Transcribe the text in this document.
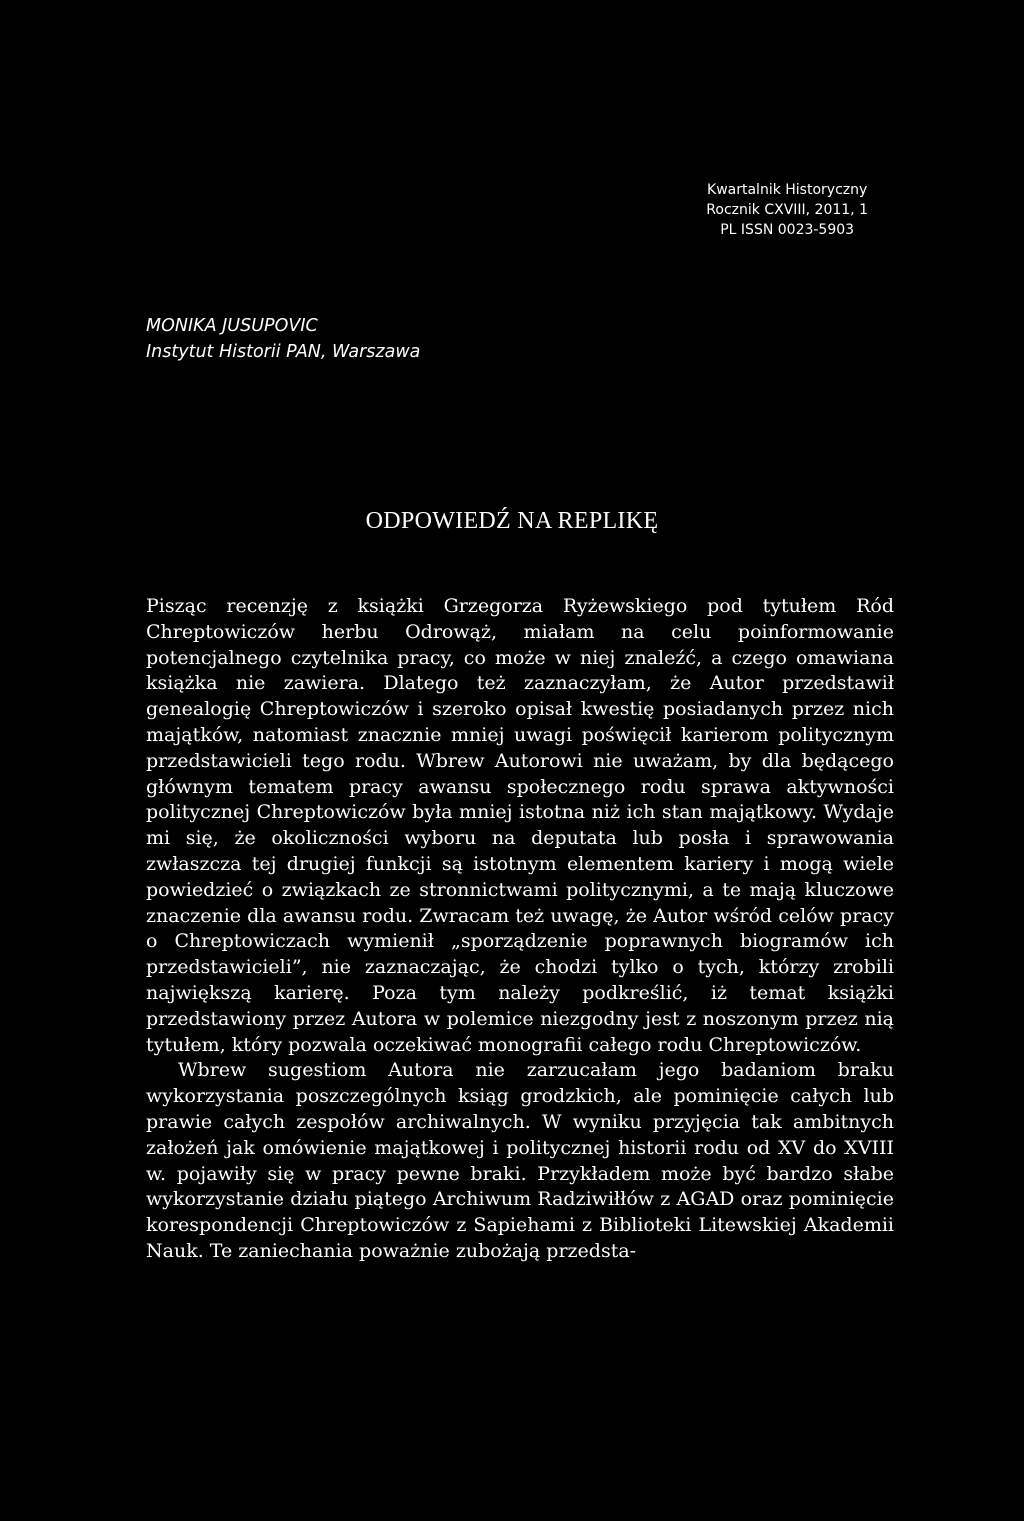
Kwartalnik Historyczny
Rocznik CXVIII, 2011, 1
PL ISSN 0023-5903
MONIKA JUSUPOVIC
Instytut Historii PAN, Warszawa
ODPOWIEDŹ NA REPLIKĘ

Pisząc recenzję z książki Grzegorza Ryżewskiego pod tytułem Ród Chreptowiczów herbu Odrowąż, miałam na celu poinformowanie potencjalnego czytelnika pracy, co może w niej znaleźć, a czego omawiana książka nie zawiera. Dlatego też zaznaczyłam, że Autor przedstawił genealogię Chreptowiczów i szeroko opisał kwestię posiadanych przez nich majątków, natomiast znacznie mniej uwagi poświęcił karierom politycznym przedstawicieli tego rodu. Wbrew Autorowi nie uważam, by dla będącego głównym tematem pracy awansu społecznego rodu sprawa aktywności politycznej Chreptowiczów była mniej istotna niż ich stan majątkowy. Wydaje mi się, że okoliczności wyboru na deputata lub posła i sprawowania zwłaszcza tej drugiej funkcji są istotnym elementem kariery i mogą wiele powiedzieć o związkach ze stronnictwami politycznymi, a te mają kluczowe znaczenie dla awansu rodu. Zwracam też uwagę, że Autor wśród celów pracy o Chreptowiczach wymienił „sporządzenie poprawnych biogramów ich przedstawicieli”, nie zaznaczając, że chodzi tylko o tych, którzy zrobili największą karierę. Poza tym należy podkreślić, iż temat książki przedstawiony przez Autora w polemice niezgodny jest z noszonym przez nią tytułem, który pozwala oczekiwać monografii całego rodu Chreptowiczów.

Wbrew sugestiom Autora nie zarzucałam jego badaniom braku wykorzystania poszczególnych ksiąg grodzkich, ale pominięcie całych lub prawie całych zespołów archiwalnych. W wyniku przyjęcia tak ambitnych założeń jak omówienie majątkowej i politycznej historii rodu od XV do XVIII w. pojawiły się w pracy pewne braki. Przykładem może być bardzo słabe wykorzystanie działu piątego Archiwum Radziwiłłów z AGAD oraz pominięcie korespondencji Chreptowiczów z Sapiehami z Biblioteki Litewskiej Akademii Nauk. Te zaniechania poważnie zubożają przedsta-
